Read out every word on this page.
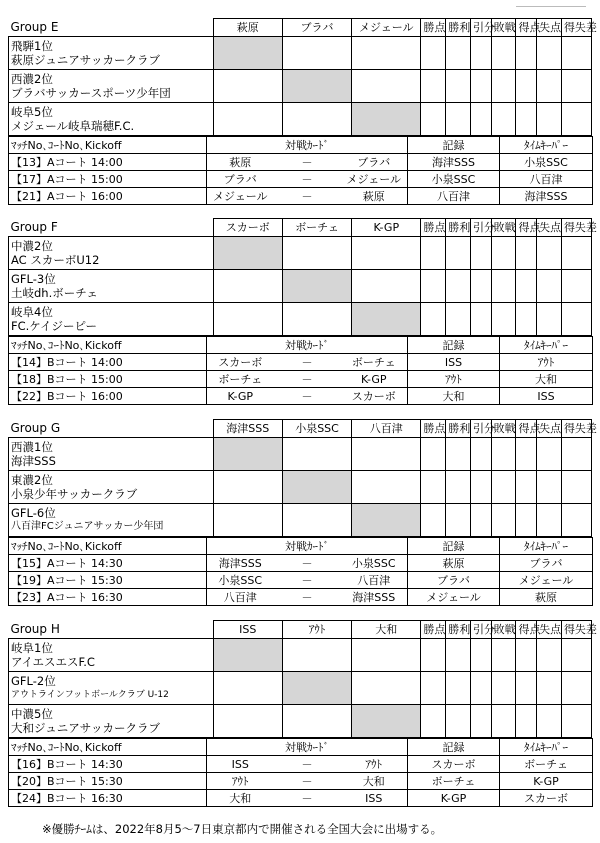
Group E	萩原	ブラバ	メジェール	勝点	勝利	引分	敗戦	得点	失点	得失差

飛騨1位
萩原ジュニアサッカークラブ										

西濃2位
ブラバサッカースポーツ少年団										

岐阜5位
メジェール岐阜瑞穂F.C.										

ﾏｯﾁNo､ｺｰﾄNo､Kickoff		対戦ｶｰﾄﾞ		記録	ﾀｲﾑｷｰﾊﾟｰ
【13】Aコート 14:00	萩原	－	ブラバ	海津SSS	小泉SSC
【17】Aコート 15:00	ブラバ	－	メジェール	小泉SSC	八百津
【21】Aコート 16:00	メジェール	－	萩原	八百津	海津SSS
Group F	スカーボ	ボーチェ	K-GP	勝点	勝利	引分	敗戦	得点	失点	得失差

中濃2位
AC スカーボU12										

GFL-3位
土岐dh.ボーチェ										

岐阜4位
FC.ケイジーピー										

ﾏｯﾁNo､ｺｰﾄNo､Kickoff		対戦ｶｰﾄﾞ		記録	ﾀｲﾑｷｰﾊﾟｰ
【14】Bコート 14:00	スカーボ	－	ボーチェ	ISS	ｱｳﾄ
【18】Bコート 15:00	ボーチェ	－	K-GP	ｱｳﾄ	大和
【22】Bコート 16:00	K-GP	－	スカーボ	大和	ISS
Group G	海津SSS	小泉SSC	八百津	勝点	勝利	引分	敗戦	得点	失点	得失差

西濃1位
海津SSS										

東濃2位
小泉少年サッカークラブ										

GFL-6位
八百津FCジュニアサッカー少年団										

ﾏｯﾁNo､ｺｰﾄNo､Kickoff		対戦ｶｰﾄﾞ		記録	ﾀｲﾑｷｰﾊﾟｰ
【15】Aコート 14:30	海津SSS	－	小泉SSC	萩原	ブラバ
【19】Aコート 15:30	小泉SSC	－	八百津	ブラバ	メジェール
【23】Aコート 16:30	八百津	－	海津SSS	メジェール	萩原
Group H	ISS	ｱｳﾄ	大和	勝点	勝利	引分	敗戦	得点	失点	得失差

岐阜1位
アイエスエスF.C										

GFL-2位
アウトラインフットボールクラブ U-12										

中濃5位
大和ジュニアサッカークラブ										

ﾏｯﾁNo､ｺｰﾄNo､Kickoff		対戦ｶｰﾄﾞ		記録	ﾀｲﾑｷｰﾊﾟｰ
【16】Bコート 14:30	ISS	－	ｱｳﾄ	スカーボ	ボーチェ
【20】Bコート 15:30	ｱｳﾄ	－	大和	ボーチェ	K-GP
【24】Bコート 16:30	大和	－	ISS	K-GP	スカーボ
※優勝ﾁｰﾑは、2022年8月5～7日東京都内で開催される全国大会に出場する。
